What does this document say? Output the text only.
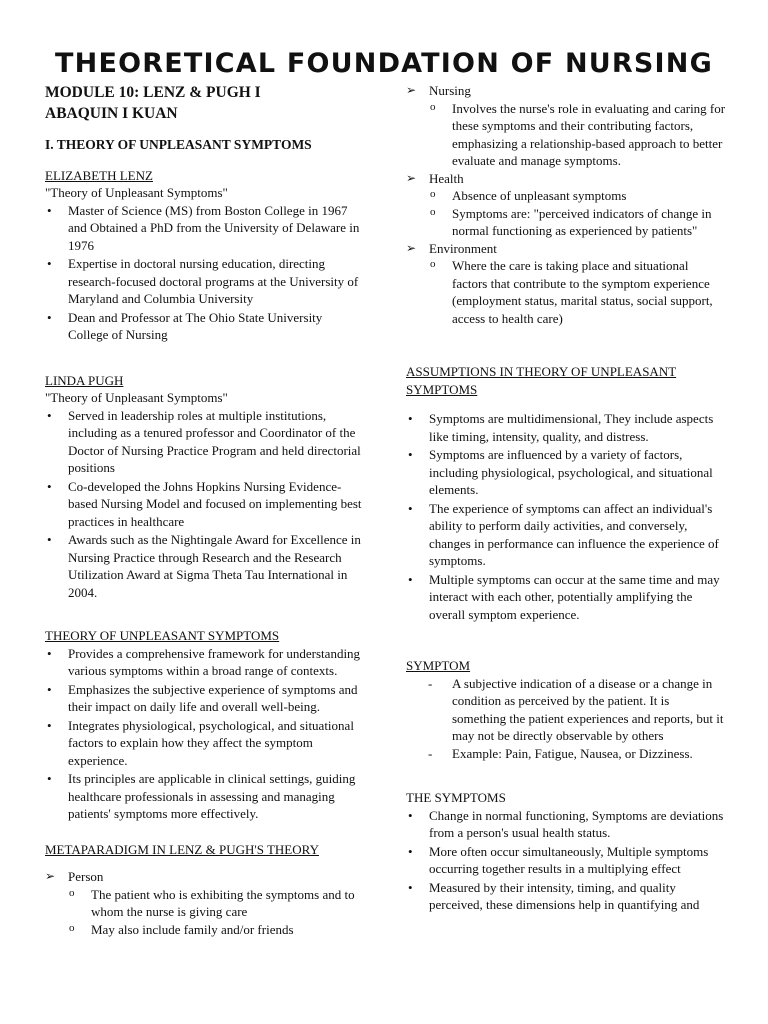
THEORETICAL FOUNDATION OF NURSING

MODULE 10: LENZ & PUGH I

ABAQUIN I KUAN

I. THEORY OF UNPLEASANT SYMPTOMS

ELIZABETH LENZ

"Theory of Unpleasant Symptoms"

• Master of Science (MS) from Boston College in 1967 and Obtained a PhD from the University of Delaware in 1976
• Expertise in doctoral nursing education, directing research-focused doctoral programs at the University of Maryland and Columbia University
• Dean and Professor at The Ohio State University College of Nursing

LINDA PUGH

"Theory of Unpleasant Symptoms"

• Served in leadership roles at multiple institutions, including as a tenured professor and Coordinator of the Doctor of Nursing Practice Program and held directorial positions
• Co-developed the Johns Hopkins Nursing Evidence-based Nursing Model and focused on implementing best practices in healthcare
• Awards such as the Nightingale Award for Excellence in Nursing Practice through Research and the Research Utilization Award at Sigma Theta Tau International in 2004.

THEORY OF UNPLEASANT SYMPTOMS

• Provides a comprehensive framework for understanding various symptoms within a broad range of contexts.
• Emphasizes the subjective experience of symptoms and their impact on daily life and overall well-being.
• Integrates physiological, psychological, and situational factors to explain how they affect the symptom experience.
• Its principles are applicable in clinical settings, guiding healthcare professionals in assessing and managing patients' symptoms more effectively.

METAPARADIGM IN LENZ & PUGH'S THEORY

➢ Person
o The patient who is exhibiting the symptoms and to whom the nurse is giving care
o May also include family and/or friends
➢ Nursing
o Involves the nurse's role in evaluating and caring for these symptoms and their contributing factors, emphasizing a relationship-based approach to better evaluate and manage symptoms.
➢ Health
o Absence of unpleasant symptoms
o Symptoms are: "perceived indicators of change in normal functioning as experienced by patients"
➢ Environment
o Where the care is taking place and situational factors that contribute to the symptom experience (employment status, marital status, social support, access to health care)

ASSUMPTIONS IN THEORY OF UNPLEASANT SYMPTOMS

• Symptoms are multidimensional, They include aspects like timing, intensity, quality, and distress.
• Symptoms are influenced by a variety of factors, including physiological, psychological, and situational elements.
• The experience of symptoms can affect an individual's ability to perform daily activities, and conversely, changes in performance can influence the experience of symptoms.
• Multiple symptoms can occur at the same time and may interact with each other, potentially amplifying the overall symptom experience.

SYMPTOM

- A subjective indication of a disease or a change in condition as perceived by the patient. It is something the patient experiences and reports, but it may not be directly observable by others
- Example: Pain, Fatigue, Nausea, or Dizziness.

THE SYMPTOMS

• Change in normal functioning, Symptoms are deviations from a person's usual health status.
• More often occur simultaneously, Multiple symptoms occurring together results in a multiplying effect
• Measured by their intensity, timing, and quality perceived, these dimensions help in quantifying and
